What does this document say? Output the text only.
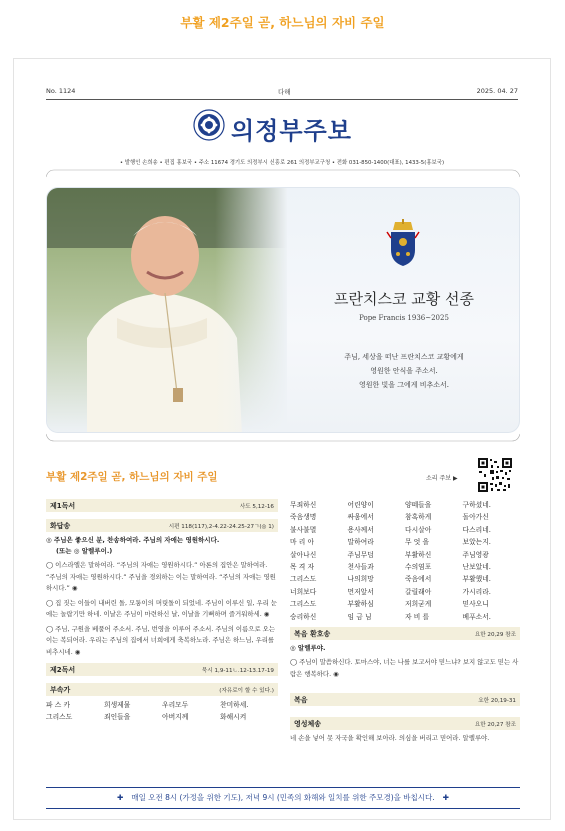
부활 제2주일 곧, 하느님의 자비 주일
No. 1124	다해	2025. 04. 27
의정부주보
• 발행인 손희송 • 편집 홍보국 • 주소 11674 경기도 의정부시 신흥로 261 의정부교구청 • 전화 031-850-1400(대표), 1433-5(홍보국)
프란치스코 교황 선종
Pope Francis 1936~2025
주님, 세상을 떠난 프란치스코 교황에게
영원한 안식을 주소서.
영원한 빛을 그에게 비추소서.
부활 제2주일 곧, 하느님의 자비 주일	소리 주보 ▶
제1독서	사도 5,12-16
화답송	시편 118(117),2-4.22-24.25-27ㄱ(◎ 1)
◎ 주님은 좋으신 분, 찬송하여라. 주님의 자애는 영원하시다.
(또는 ◎ 알렐루이.)
◯ 이스라엘은 말하여라. “주님의 자애는 영원하시다.” 아론의 집안은 말하여라. “주님의 자애는 영원하시다.” 주님을 경외하는 이는 말하여라. “주님의 자애는 영원하시다.” ◉
◯ 집 짓는 이들이 내버린 돌, 모퉁이의 머릿돌이 되었네. 주님이 이루신 일, 우리 눈에는 놀랍기만 하네. 이날은 주님이 마련하신 날, 이날을 기뻐하며 즐거워하세. ◉
◯ 주님, 구원을 베풀어 주소서. 주님, 번영을 이루어 주소서. 주님의 이름으로 오는 이는 복되어라. 우리는 주님의 집에서 너희에게 축복하노라. 주님은 하느님, 우리를 비추시네. ◉
제2독서	묵시 1,9-11ㄴ.12-13.17-19
부속가	(자유로이 할 수 있다.)
파 스 카	희생제물	우리모두	찬미하세.
그리스도	죄인들을	아버지께	화해시켜
무죄하신	어린양이	양떼들을	구하셨네.
죽음생명	싸움에서	참혹하게	돌아가신
불사불멸	용사께서	다시살아	다스리네.
마 리 아	말하여라	무 엇 을	보았는지.
살아나신	주님무덤	부활하신	주님영광
목 격 자	천사들과	수의염포	난보았네.
그리스도	나의희망	죽음에서	부활했네.
너희보다	먼저앞서	갈릴래아	가시리라.
그리스도	부활하심	저희굳게	믿사오니
승리하신	임 금 님	자 비 를	베푸소서.
복음 환호송	요한 20,29 참조
◎ 알렐루야.
◯ 주님이 말씀하신다. 토마스야, 너는 나를 보고서야 믿느냐? 보지 않고도 믿는 사람은 행복하다. ◉
복음	요한 20,19-31
영성체송	요한 20,27 참조
네 손을 넣어 못 자국을 확인해 보아라. 의심을 버리고 믿어라. 알렐루야.
✚ 매일 오전 8시 (가정을 위한 기도), 저녁 9시 (민족의 화해와 일치를 위한 주모경)을 바칩시다. ✚
